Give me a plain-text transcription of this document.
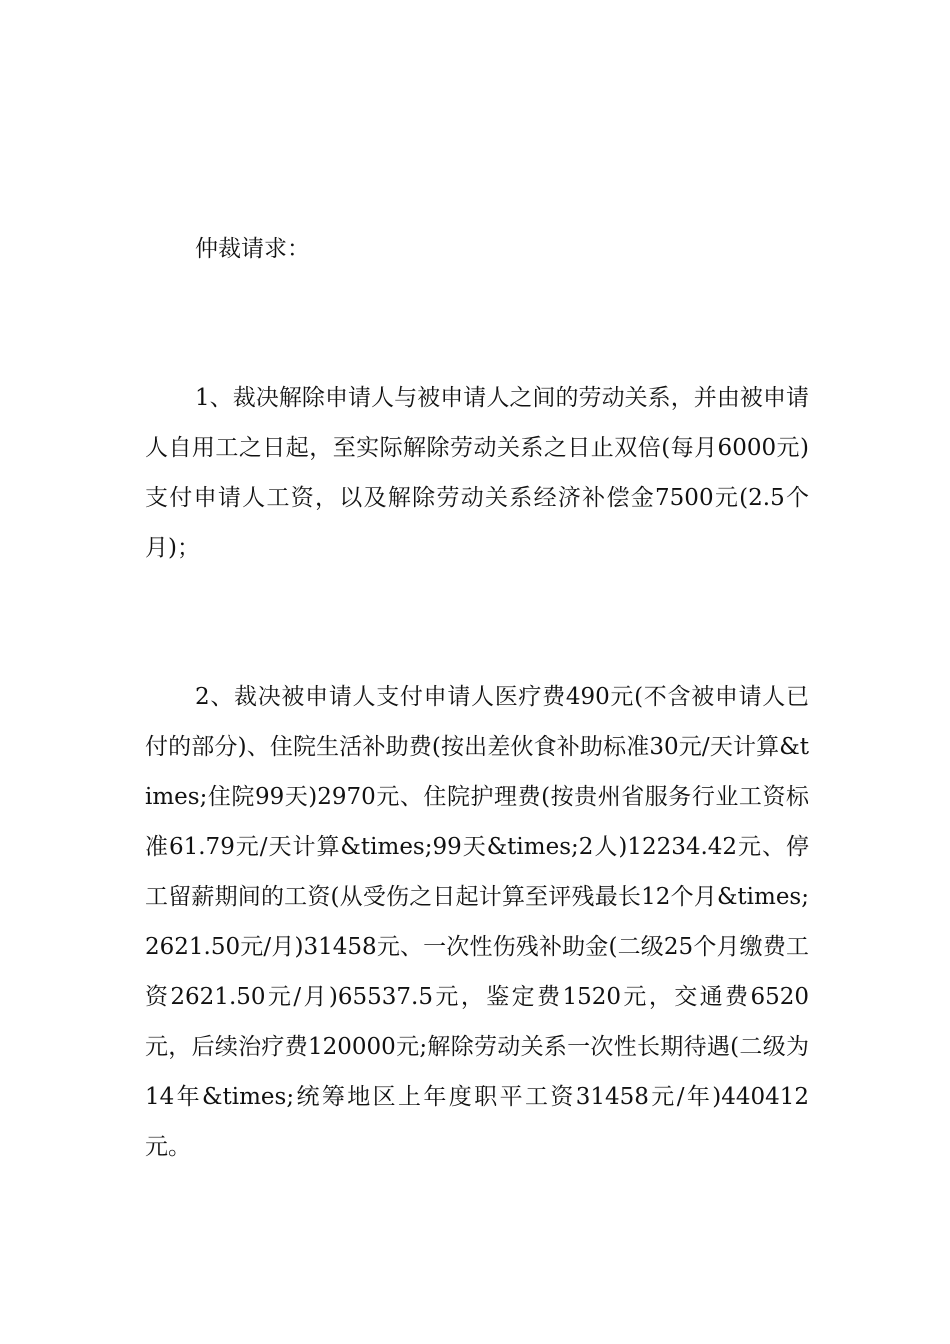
仲裁请求：

1、裁决解除申请人与被申请人之间的劳动关系，并由被申请人自用工之日起，至实际解除劳动关系之日止双倍(每月6000元)支付申请人工资，以及解除劳动关系经济补偿金7500元(2.5个月)；

2、裁决被申请人支付申请人医疗费490元(不含被申请人已付的部分)、住院生活补助费(按出差伙食补助标准30元/天计算&times;住院99天)2970元、住院护理费(按贵州省服务行业工资标准61.79元/天计算&times;99天&times;2人)12234.42元、停工留薪期间的工资(从受伤之日起计算至评残最长12个月&times;2621.50元/月)31458元、一次性伤残补助金(二级25个月缴费工资2621.50元/月)65537.5元，鉴定费1520元，交通费6520元，后续治疗费120000元;解除劳动关系一次性长期待遇(二级为14年&times;统筹地区上年度职平工资31458元/年)440412元。
